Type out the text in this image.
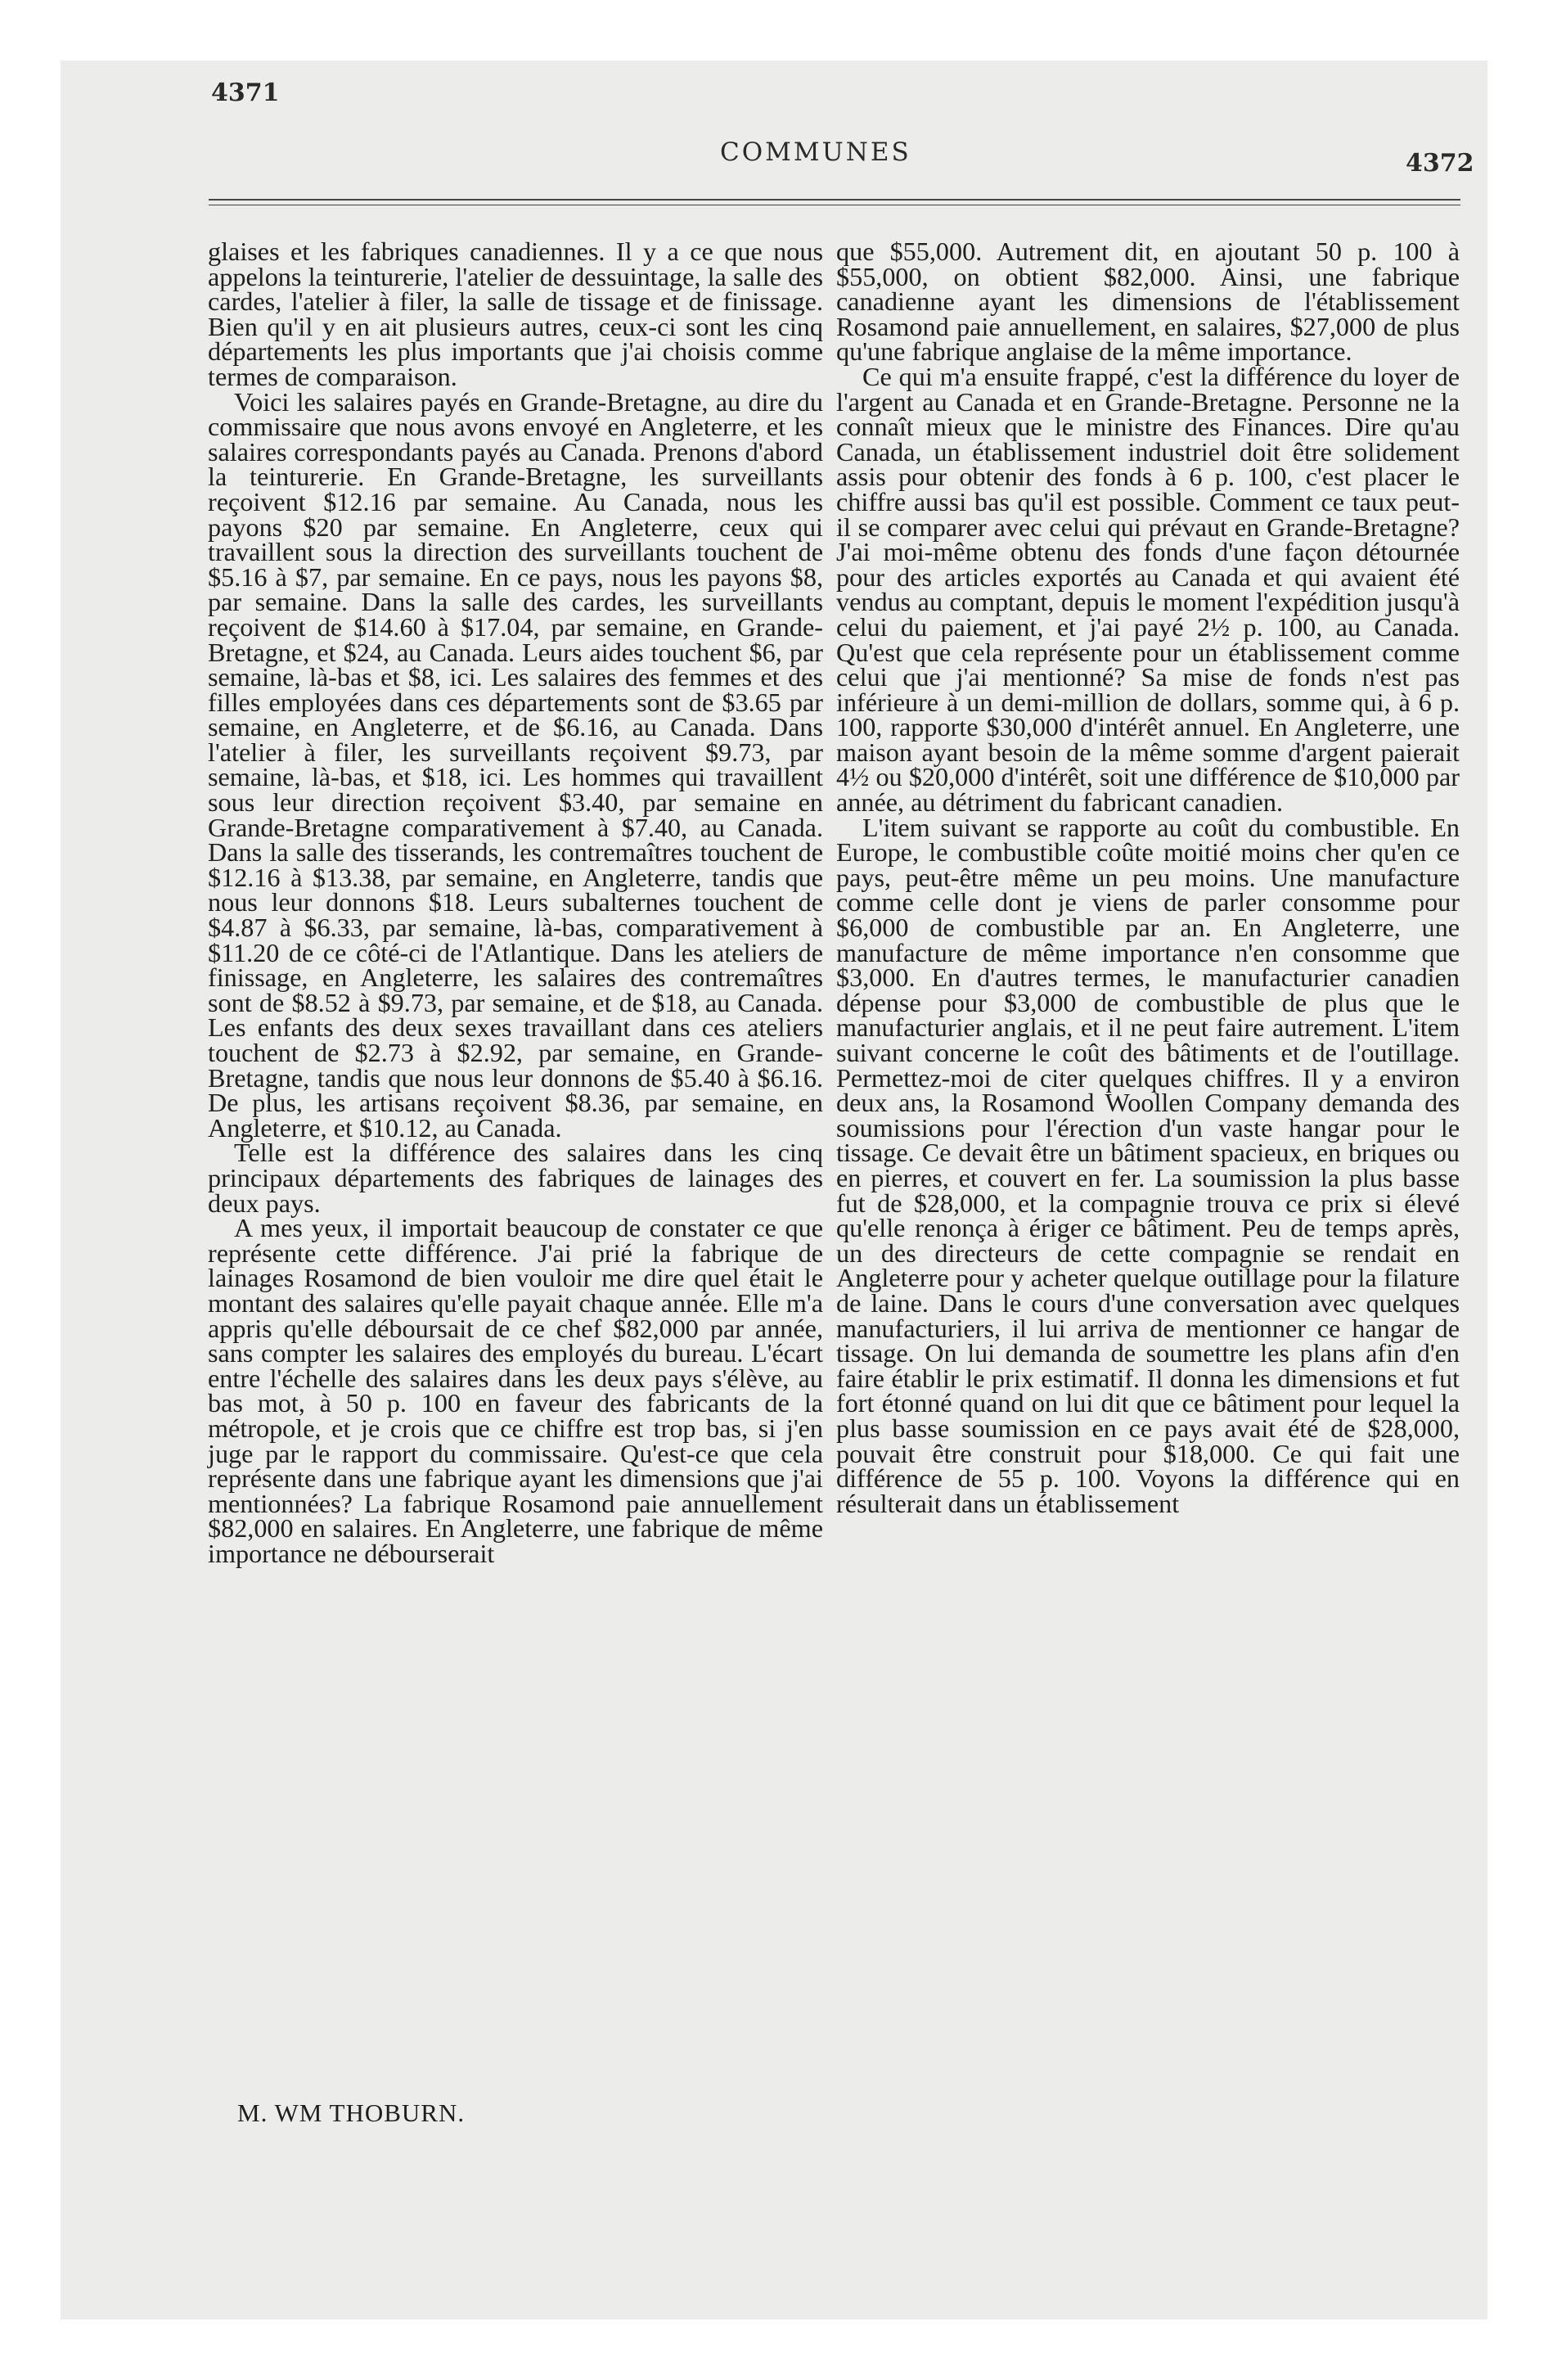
4371
COMMUNES	4372

glaises et les fabriques canadiennes. Il y a ce que nous appelons la teinturerie, l'atelier de dessuintage, la salle des cardes, l'atelier à filer, la salle de tissage et de finissage. Bien qu'il y en ait plusieurs autres, ceux-ci sont les cinq départements les plus importants que j'ai choisis comme termes de comparaison.

Voici les salaires payés en Grande-Bretagne, au dire du commissaire que nous avons envoyé en Angleterre, et les salaires correspondants payés au Canada. Prenons d'abord la teinturerie. En Grande-Bretagne, les surveillants reçoivent $12.16 par semaine. Au Canada, nous les payons $20 par semaine. En Angleterre, ceux qui travaillent sous la direction des surveillants touchent de $5.16 à $7, par semaine. En ce pays, nous les payons $8, par semaine. Dans la salle des cardes, les surveillants reçoivent de $14.60 à $17.04, par semaine, en Grande-Bretagne, et $24, au Canada. Leurs aides touchent $6, par semaine, là-bas et $8, ici. Les salaires des femmes et des filles employées dans ces départements sont de $3.65 par semaine, en Angleterre, et de $6.16, au Canada. Dans l'atelier à filer, les surveillants reçoivent $9.73, par semaine, là-bas, et $18, ici. Les hommes qui travaillent sous leur direction reçoivent $3.40, par semaine en Grande-Bretagne comparativement à $7.40, au Canada. Dans la salle des tisserands, les contremaîtres touchent de $12.16 à $13.38, par semaine, en Angleterre, tandis que nous leur donnons $18. Leurs subalternes touchent de $4.87 à $6.33, par semaine, là-bas, comparativement à $11.20 de ce côté-ci de l'Atlantique. Dans les ateliers de finissage, en Angleterre, les salaires des contremaîtres sont de $8.52 à $9.73, par semaine, et de $18, au Canada. Les enfants des deux sexes travaillant dans ces ateliers touchent de $2.73 à $2.92, par semaine, en Grande-Bretagne, tandis que nous leur donnons de $5.40 à $6.16. De plus, les artisans reçoivent $8.36, par semaine, en Angleterre, et $10.12, au Canada.

Telle est la différence des salaires dans les cinq principaux départements des fabriques de lainages des deux pays.

A mes yeux, il importait beaucoup de constater ce que représente cette différence. J'ai prié la fabrique de lainages Rosamond de bien vouloir me dire quel était le montant des salaires qu'elle payait chaque année. Elle m'a appris qu'elle déboursait de ce chef $82,000 par année, sans compter les salaires des employés du bureau. L'écart entre l'échelle des salaires dans les deux pays s'élève, au bas mot, à 50 p. 100 en faveur des fabricants de la métropole, et je crois que ce chiffre est trop bas, si j'en juge par le rapport du commissaire. Qu'est-ce que cela représente dans une fabrique ayant les dimensions que j'ai mentionnées? La fabrique Rosamond paie annuellement $82,000 en salaires. En Angleterre, une fabrique de même importance ne débourserait

M. WM THOBURN.

que $55,000. Autrement dit, en ajoutant 50 p. 100 à $55,000, on obtient $82,000. Ainsi, une fabrique canadienne ayant les dimensions de l'établissement Rosamond paie annuellement, en salaires, $27,000 de plus qu'une fabrique anglaise de la même importance.

Ce qui m'a ensuite frappé, c'est la différence du loyer de l'argent au Canada et en Grande-Bretagne. Personne ne la connaît mieux que le ministre des Finances. Dire qu'au Canada, un établissement industriel doit être solidement assis pour obtenir des fonds à 6 p. 100, c'est placer le chiffre aussi bas qu'il est possible. Comment ce taux peut-il se comparer avec celui qui prévaut en Grande-Bretagne? J'ai moi-même obtenu des fonds d'une façon détournée pour des articles exportés au Canada et qui avaient été vendus au comptant, depuis le moment l'expédition jusqu'à celui du paiement, et j'ai payé 2½ p. 100, au Canada. Qu'est que cela représente pour un établissement comme celui que j'ai mentionné? Sa mise de fonds n'est pas inférieure à un demi-million de dollars, somme qui, à 6 p. 100, rapporte $30,000 d'intérêt annuel. En Angleterre, une maison ayant besoin de la même somme d'argent paierait 4½ ou $20,000 d'intérêt, soit une différence de $10,000 par année, au détriment du fabricant canadien.

L'item suivant se rapporte au coût du combustible. En Europe, le combustible coûte moitié moins cher qu'en ce pays, peut-être même un peu moins. Une manufacture comme celle dont je viens de parler consomme pour $6,000 de combustible par an. En Angleterre, une manufacture de même importance n'en consomme que $3,000. En d'autres termes, le manufacturier canadien dépense pour $3,000 de combustible de plus que le manufacturier anglais, et il ne peut faire autrement. L'item suivant concerne le coût des bâtiments et de l'outillage. Permettez-moi de citer quelques chiffres. Il y a environ deux ans, la Rosamond Woollen Company demanda des soumissions pour l'érection d'un vaste hangar pour le tissage. Ce devait être un bâtiment spacieux, en briques ou en pierres, et couvert en fer. La soumission la plus basse fut de $28,000, et la compagnie trouva ce prix si élevé qu'elle renonça à ériger ce bâtiment. Peu de temps après, un des directeurs de cette compagnie se rendait en Angleterre pour y acheter quelque outillage pour la filature de laine. Dans le cours d'une conversation avec quelques manufacturiers, il lui arriva de mentionner ce hangar de tissage. On lui demanda de soumettre les plans afin d'en faire établir le prix estimatif. Il donna les dimensions et fut fort étonné quand on lui dit que ce bâtiment pour lequel la plus basse soumission en ce pays avait été de $28,000, pouvait être construit pour $18,000. Ce qui fait une différence de 55 p. 100. Voyons la différence qui en résulterait dans un établissement
